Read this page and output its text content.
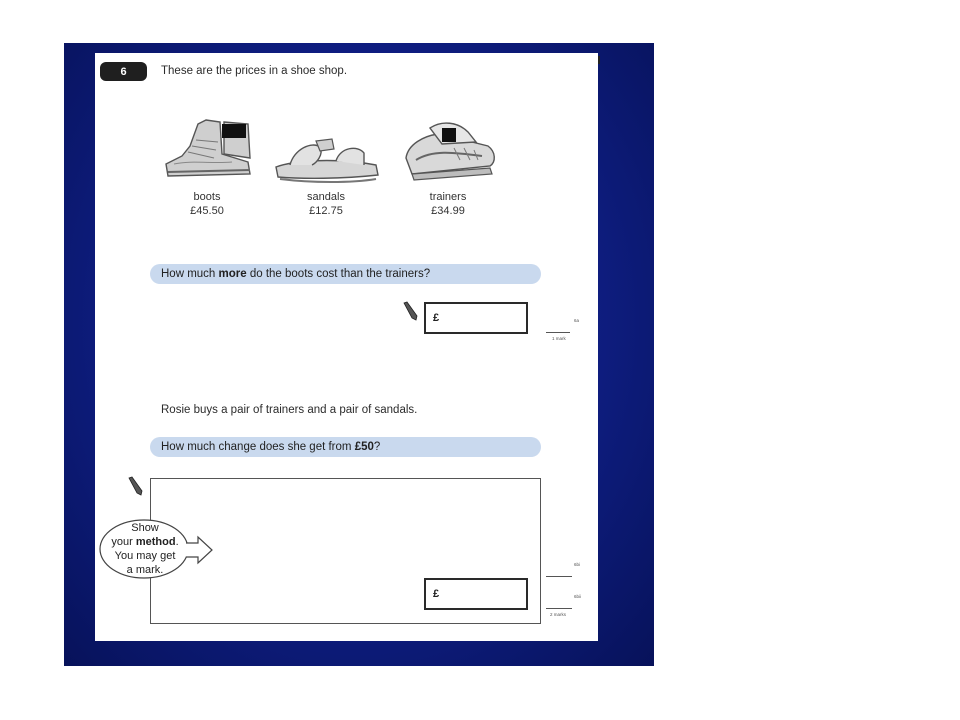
6	These are the prices in a shoe shop.
boots
£45.50
sandals
£12.75
trainers
£34.99
How much more do the boots cost than the trainers?
£	6a
1 mark
Rosie buys a pair of trainers and a pair of sandals.
How much change does she get from £50 ?
Show
your method.
You may get
a mark.
£
6bi
6bii
2 marks
